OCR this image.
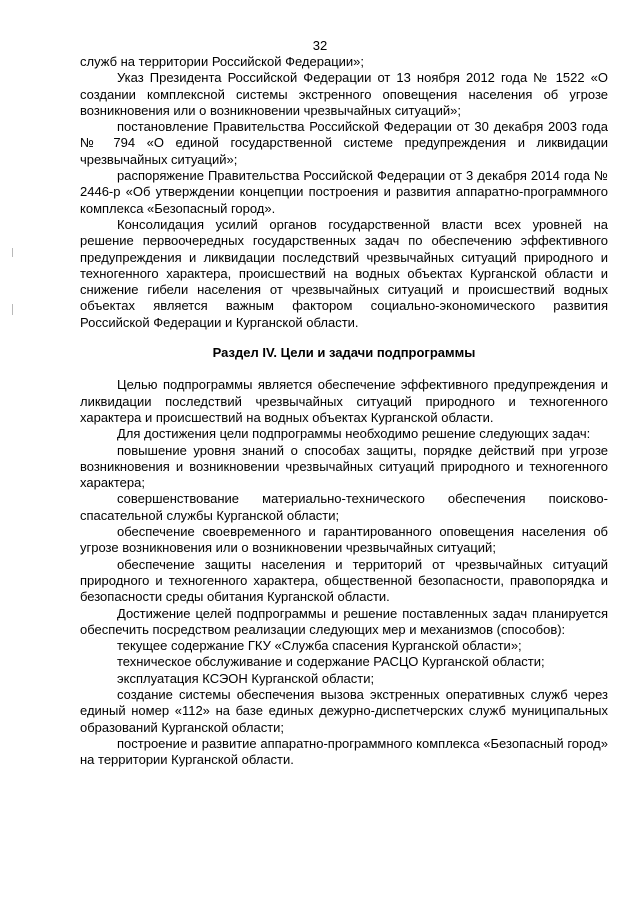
32

служб на территории Российской Федерации»;

Указ Президента Российской Федерации от 13 ноября 2012 года № 1522 «О создании комплексной системы экстренного оповещения населения об угрозе возникновения или о возникновении чрезвычайных ситуаций»;

постановление Правительства Российской Федерации от 30 декабря 2003 года № 794 «О единой государственной системе предупреждения и ликвидации чрезвычайных ситуаций»;

распоряжение Правительства Российской Федерации от 3 декабря 2014 года № 2446-р «Об утверждении концепции построения и развития аппаратно-программного комплекса «Безопасный город».

Консолидация усилий органов государственной власти всех уровней на решение первоочередных государственных задач по обеспечению эффективного предупреждения и ликвидации последствий чрезвычайных ситуаций природного и техногенного характера, происшествий на водных объектах Курганской области и снижение гибели населения от чрезвычайных ситуаций и происшествий водных объектах является важным фактором социально-экономического развития Российской Федерации и Курганской области.

Раздел IV. Цели и задачи подпрограммы

Целью подпрограммы является обеспечение эффективного предупреждения и ликвидации последствий чрезвычайных ситуаций природного и техногенного характера и происшествий на водных объектах Курганской области.

Для достижения цели подпрограммы необходимо решение следующих задач:

повышение уровня знаний о способах защиты, порядке действий при угрозе возникновения и возникновении чрезвычайных ситуаций природного и техногенного характера;

совершенствование материально-технического обеспечения поисково-спасательной службы Курганской области;

обеспечение своевременного и гарантированного оповещения населения об угрозе возникновения или о возникновении чрезвычайных ситуаций;

обеспечение защиты населения и территорий от чрезвычайных ситуаций природного и техногенного характера, общественной безопасности, правопорядка и безопасности среды обитания Курганской области.

Достижение целей подпрограммы и решение поставленных задач планируется обеспечить посредством реализации следующих мер и механизмов (способов):

текущее содержание ГКУ «Служба спасения Курганской области»;

техническое обслуживание и содержание РАСЦО Курганской области;

эксплуатация КСЭОН Курганской области;

создание системы обеспечения вызова экстренных оперативных служб через единый номер «112» на базе единых дежурно-диспетчерских служб муниципальных образований Курганской области;

построение и развитие аппаратно-программного комплекса «Безопасный город» на территории Курганской области.
